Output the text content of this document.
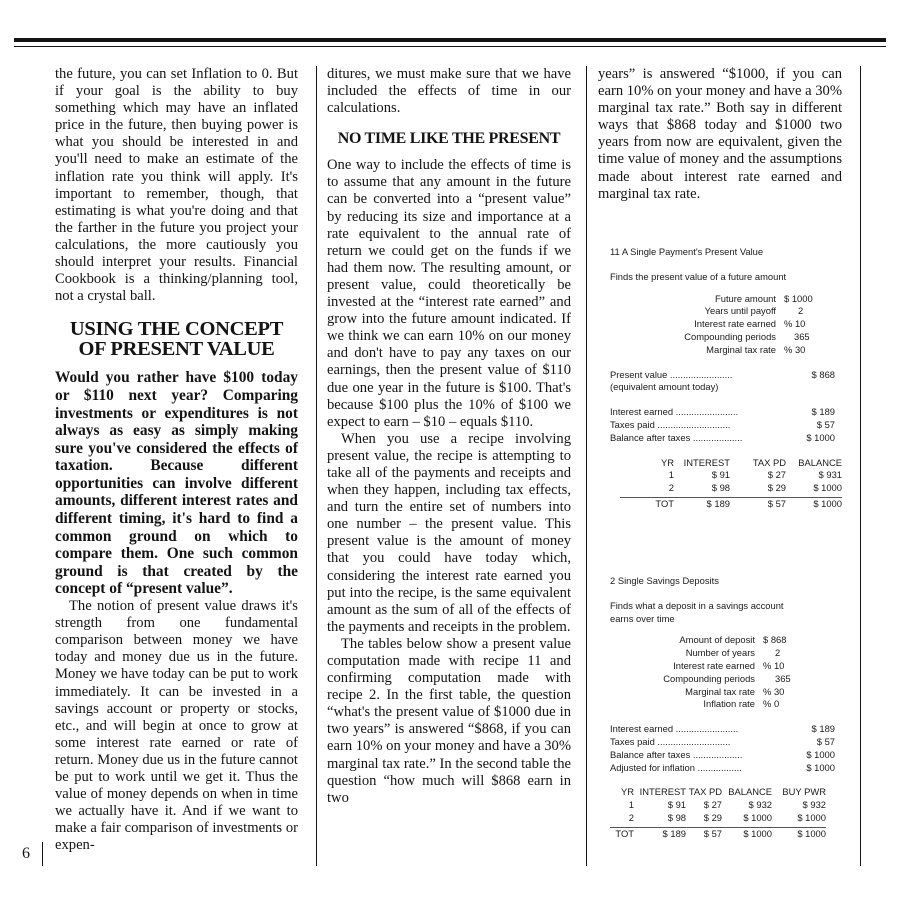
6

the future, you can set Inflation to 0. But if your goal is the ability to buy something which may have an inflated price in the future, then buying power is what you should be interested in and you'll need to make an estimate of the inflation rate you think will apply. It's important to remember, though, that estimating is what you're doing and that the farther in the future you project your calculations, the more cautiously you should interpret your results. Financial Cookbook is a thinking/planning tool, not a crystal ball.

USING THE CONCEPT
OF PRESENT VALUE

Would you rather have $100 today or $110 next year? Comparing investments or expenditures is not always as easy as simply making sure you've considered the effects of taxation. Because different opportunities can involve different amounts, different interest rates and different timing, it's hard to find a common ground on which to compare them. One such common ground is that created by the concept of “present value”.

The notion of present value draws it's strength from one fundamental comparison between money we have today and money due us in the future. Money we have today can be put to work immediately. It can be invested in a savings account or property or stocks, etc., and will begin at once to grow at some interest rate earned or rate of return. Money due us in the future cannot be put to work until we get it. Thus the value of money depends on when in time we actually have it. And if we want to make a fair comparison of investments or expen-

ditures, we must make sure that we have included the effects of time in our calculations.

NO TIME LIKE THE PRESENT

One way to include the effects of time is to assume that any amount in the future can be converted into a “present value” by reducing its size and importance at a rate equivalent to the annual rate of return we could get on the funds if we had them now. The resulting amount, or present value, could theoretically be invested at the “interest rate earned” and grow into the future amount indicated. If we think we can earn 10% on our money and don't have to pay any taxes on our earnings, then the present value of $110 due one year in the future is $100. That's because $100 plus the 10% of $100 we expect to earn – $10 – equals $110.

When you use a recipe involving present value, the recipe is attempting to take all of the payments and receipts and when they happen, including tax effects, and turn the entire set of numbers into one number – the present value. This present value is the amount of money that you could have today which, considering the interest rate earned you put into the recipe, is the same equivalent amount as the sum of all of the effects of the payments and receipts in the problem.

The tables below show a present value computation made with recipe 11 and confirming computation made with recipe 2. In the first table, the question “what's the present value of $1000 due in two years” is answered “$868, if you can earn 10% on your money and have a 30% marginal tax rate.” In the second table the question “how much will $868 earn in two

years” is answered “$1000, if you can earn 10% on your money and have a 30% marginal tax rate.” Both say in different ways that $868 today and $1000 two years from now are equivalent, given the time value of money and the assumptions made about interest rate earned and marginal tax rate.

11 A Single Payment's Present Value
Finds the present value of a future amount
Future amount $ 1000
Years until payoff	2
Interest rate earned % 10
Compounding periods	365
Marginal tax rate % 30
Present value ........................	$ 868
(equivalent amount today)
Interest earned ........................	$ 189
Taxes paid ............................	$ 57
Balance after taxes ...................	$ 1000
YR	INTEREST	TAX PD	BALANCE
1	$ 91	$ 27	$ 931
2	$ 98	$ 29	$ 1000
TOT	$ 189	$ 57	$ 1000
2 Single Savings Deposits
Finds what a deposit in a savings account earns over time
Amount of deposit $ 868
Number of years	2
Interest rate earned % 10
Compounding periods	365
Marginal tax rate % 30
Inflation rate % 0
Interest earned ........................	$ 189
Taxes paid ............................	$ 57
Balance after taxes ...................	$ 1000
Adjusted for inflation .................	$ 1000
YR INTEREST TAX PD BALANCE	BUY PWR
1	$ 91	$ 27	$ 932	$ 932
2	$ 98	$ 29	$ 1000	$ 1000
TOT	$ 189	$ 57	$ 1000	$ 1000
